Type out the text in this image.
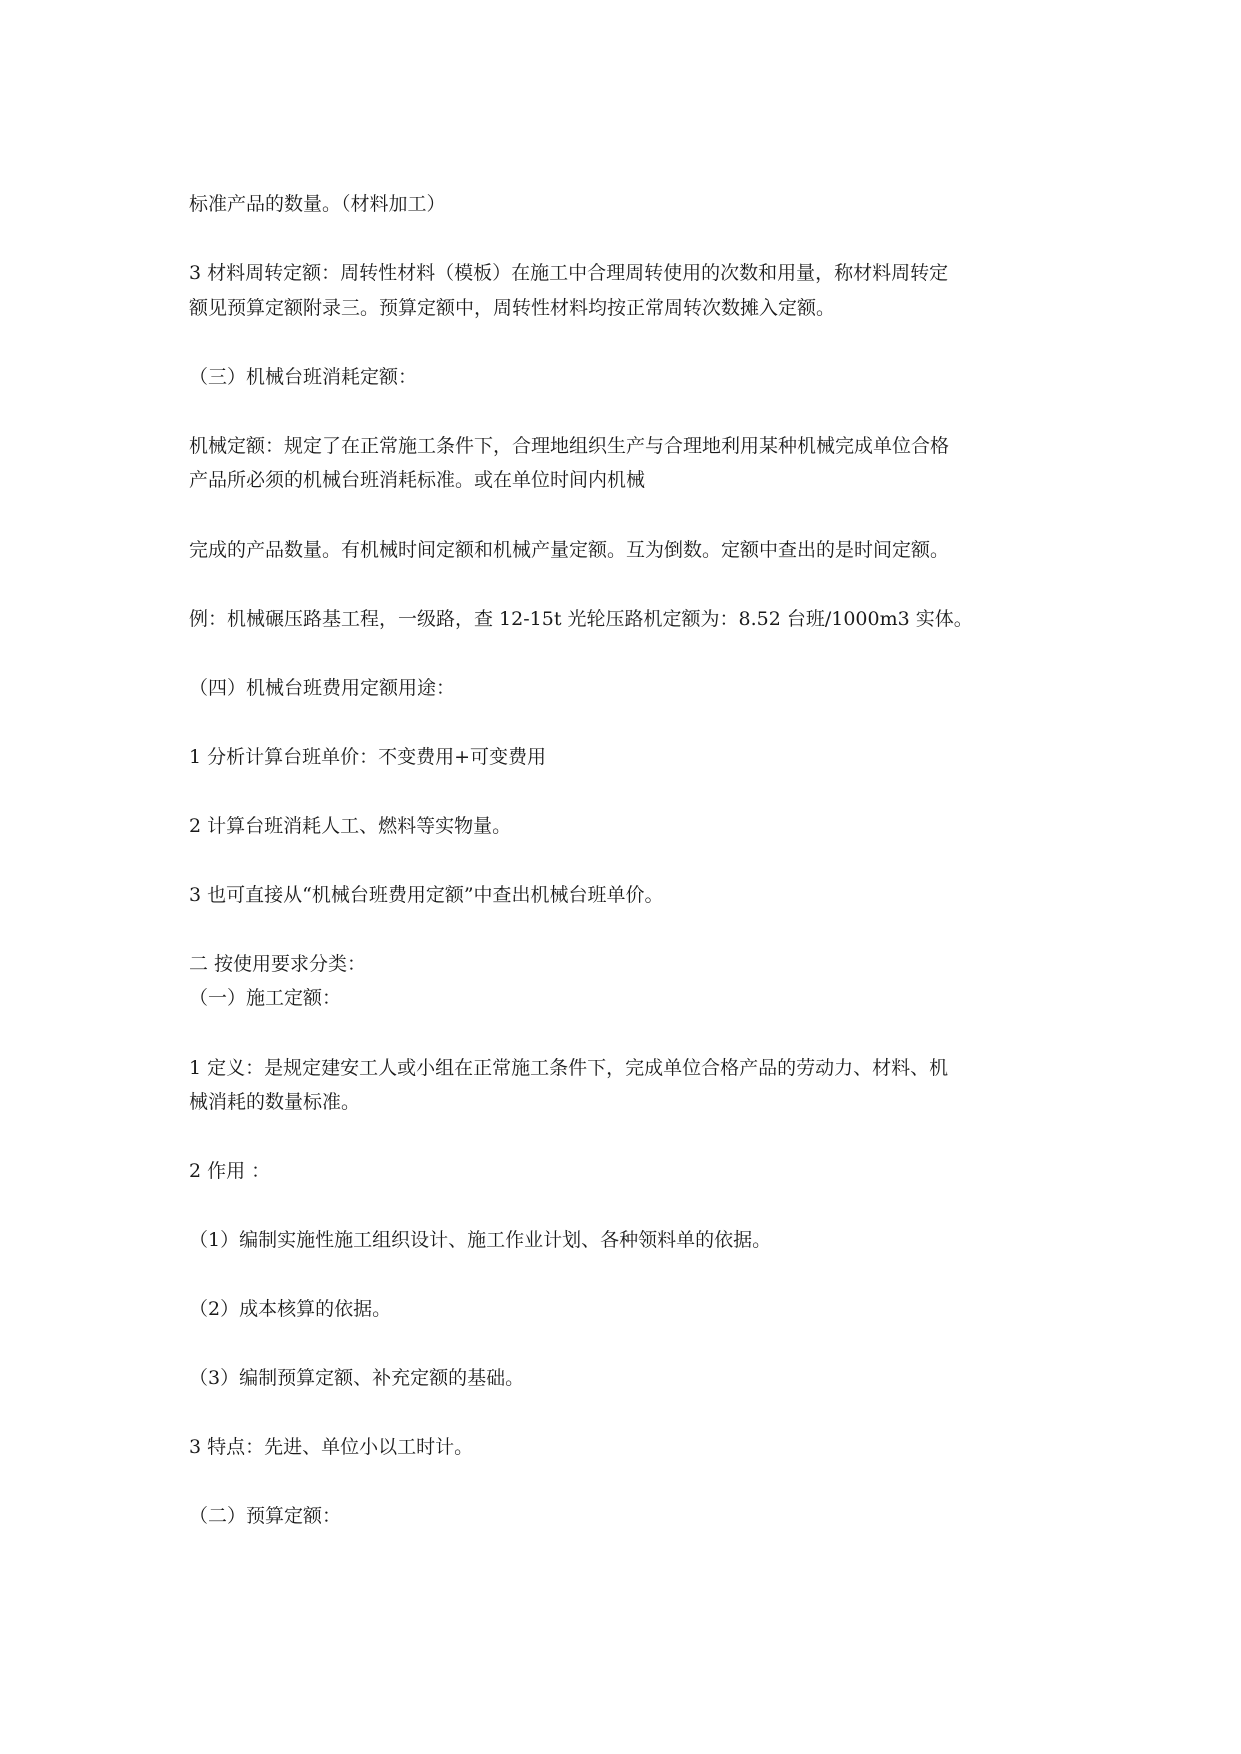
标准产品的数量。（材料加工）

3 材料周转定额：周转性材料（模板）在施工中合理周转使用的次数和用量，称材料周转定

额见预算定额附录三。预算定额中，周转性材料均按正常周转次数摊入定额。

（三）机械台班消耗定额：

机械定额：规定了在正常施工条件下，合理地组织生产与合理地利用某种机械完成单位合格

产品所必须的机械台班消耗标准。或在单位时间内机械

完成的产品数量。有机械时间定额和机械产量定额。互为倒数。定额中查出的是时间定额。

例：机械碾压路基工程，一级路，查 12-15t 光轮压路机定额为：8.52 台班/1000m3 实体。

（四）机械台班费用定额用途：

1 分析计算台班单价：不变费用+可变费用

2 计算台班消耗人工、燃料等实物量。

3 也可直接从“机械台班费用定额”中查出机械台班单价。

二 按使用要求分类：

（一）施工定额：

1 定义：是规定建安工人或小组在正常施工条件下，完成单位合格产品的劳动力、材料、机

械消耗的数量标准。

2 作用 ：

（1）编制实施性施工组织设计、施工作业计划、各种领料单的依据。

（2）成本核算的依据。

（3）编制预算定额、补充定额的基础。

3 特点：先进、单位小以工时计。

（二）预算定额：
